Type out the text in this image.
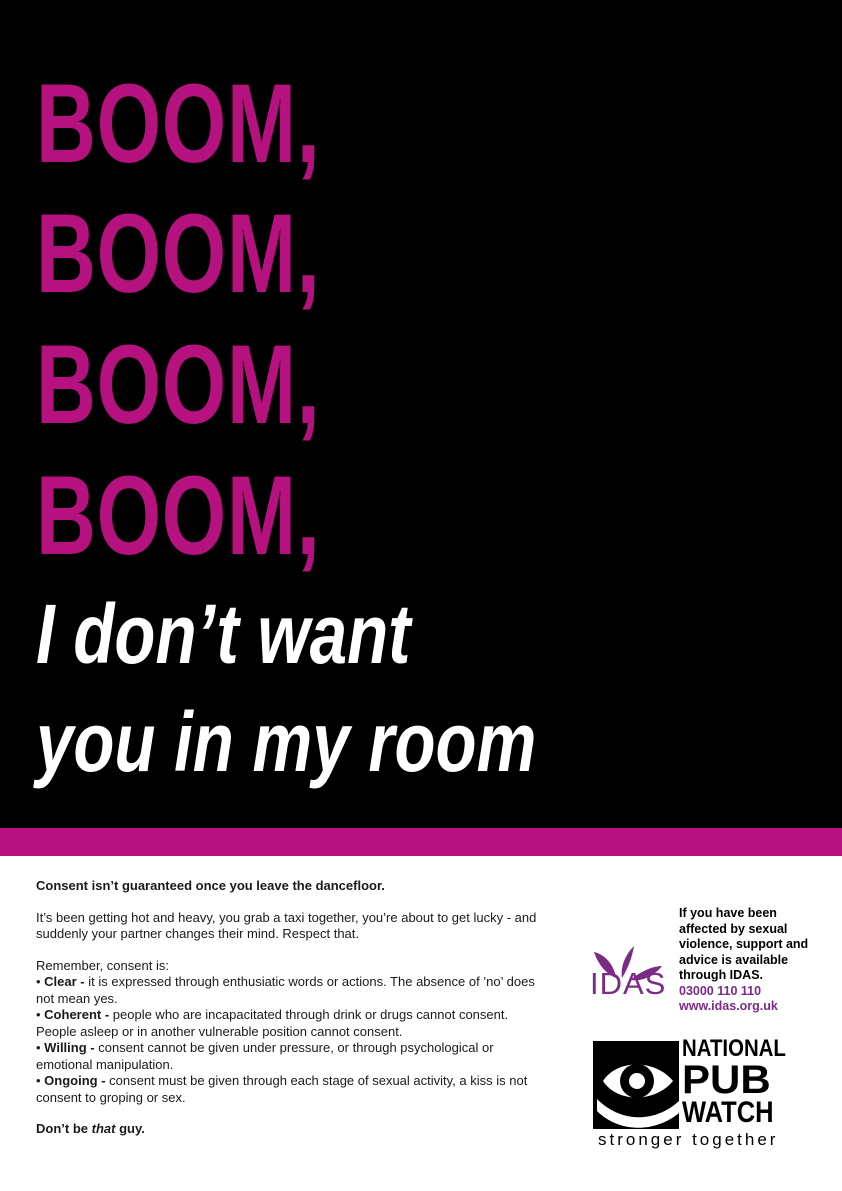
BOOM,
BOOM,
BOOM,
BOOM,
I don’t want
you in my room

Consent isn’t guaranteed once you leave the dancefloor.

It’s been getting hot and heavy, you grab a taxi together, you’re about to get lucky - and suddenly your partner changes their mind. Respect that.

Remember, consent is:

• Clear - it is expressed through enthusiatic words or actions. The absence of ’no’ does not mean yes.

• Coherent - people who are incapacitated through drink or drugs cannot consent. People asleep or in another vulnerable position cannot consent.

• Willing - consent cannot be given under pressure, or through psychological or emotional manipulation.

• Ongoing - consent must be given through each stage of sexual activity, a kiss is not consent to groping or sex.

Don’t be that guy.

IDAS
If you have been affected by sexual violence, support and advice is available through IDAS.
03000 110 110
www.idas.org.uk
NATIONAL
PUB
WATCH
stronger together
